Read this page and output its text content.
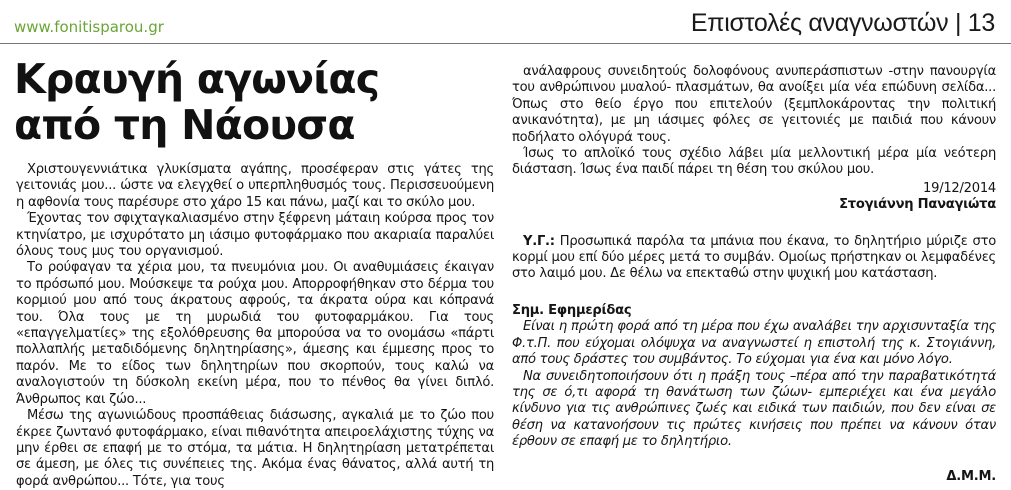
www.fonitisparou.gr	Επιστολές αναγνωστών | 13
Κραυγή αγωνίας
από τη Νάουσα

Χριστουγεννιάτικα γλυκίσματα αγάπης, προσέφεραν στις γάτες της γειτονιάς μου... ώστε να ελεγχθεί ο υπερπληθυσμός τους. Περισσευούμενη η αφθονία τους παρέσυρε στο χάρο 15 και πάνω, μαζί και το σκύλο μου.

Έχοντας τον σφιχταγκαλιασμένο στην ξέφρενη μάταιη κούρσα προς τον κτηνίατρο, με ισχυρότατο μη ιάσιμο φυτοφάρμακο που ακαριαία παραλύει όλους τους μυς του οργανισμού.

Το ρούφαγαν τα χέρια μου, τα πνευμόνια μου. Οι αναθυμιάσεις έκαιγαν το πρόσωπό μου. Μούσκεψε τα ρούχα μου. Απορροφήθηκαν στο δέρμα του κορμιού μου από τους άκρατους αφρούς, τα άκρατα ούρα και κόπρανά του. Όλα τους με τη μυρωδιά του φυτοφαρμάκου. Για τους «επαγγελματίες» της εξολόθρευσης θα μπορούσα να το ονομάσω «πάρτι πολλαπλής μεταδιδόμενης δηλητηρίασης», άμεσης και έμμεσης προς το παρόν. Με το είδος των δηλητηρίων που σκορπούν, τους καλώ να αναλογιστούν τη δύσκολη εκείνη μέρα, που το πένθος θα γίνει διπλό. Άνθρωπος και ζώο...

Μέσω της αγωνιώδους προσπάθειας διάσωσης, αγκαλιά με το ζώο που έκρεε ζωντανό φυτοφάρμακο, είναι πιθανότητα απειροελάχιστης τύχης να μην έρθει σε επαφή με το στόμα, τα μάτια. Η δηλητηρίαση μετατρέπεται σε άμεση, με όλες τις συνέπειες της. Ακόμα ένας θάνατος, αλλά αυτή τη φορά ανθρώπου... Τότε, για τους

ανάλαφρους συνειδητούς δολοφόνους ανυπεράσπιστων -στην πανουργία του ανθρώπινου μυαλού- πλασμάτων, θα ανοίξει μία νέα επώδυνη σελίδα... Όπως στο θείο έργο που επιτελούν (ξεμπλοκάροντας την πολιτική ανικανότητα), με μη ιάσιμες φόλες σε γειτονιές με παιδιά που κάνουν ποδήλατο ολόγυρά τους.

Ίσως το απλοϊκό τους σχέδιο λάβει μία μελλοντική μέρα μία νεότερη διάσταση. Ίσως ένα παιδί πάρει τη θέση του σκύλου μου.

19/12/2014
Στογιάννη Παναγιώτα

Υ.Γ.: Προσωπικά παρόλα τα μπάνια που έκανα, το δηλητήριο μύριζε στο κορμί μου επί δύο μέρες μετά το συμβάν. Ομοίως πρήστηκαν οι λεμφαδένες στο λαιμό μου. Δε θέλω να επεκταθώ στην ψυχική μου κατάσταση.

Σημ. Εφημερίδας

Είναι η πρώτη φορά από τη μέρα που έχω αναλάβει την αρχισυνταξία της Φ.τ.Π. που εύχομαι ολόψυχα να αναγνωστεί η επιστολή της κ. Στογιάννη, από τους δράστες του συμβάντος. Το εύχομαι για ένα και μόνο λόγο.

Να συνειδητοποιήσουν ότι η πράξη τους –πέρα από την παραβατικότητά της σε ό,τι αφορά τη θανάτωση των ζώων- εμπεριέχει και ένα μεγάλο κίνδυνο για τις ανθρώπινες ζωές και ειδικά των παιδιών, που δεν είναι σε θέση να κατανοήσουν τις πρώτες κινήσεις που πρέπει να κάνουν όταν έρθουν σε επαφή με το δηλητήριο.

Δ.Μ.Μ.
